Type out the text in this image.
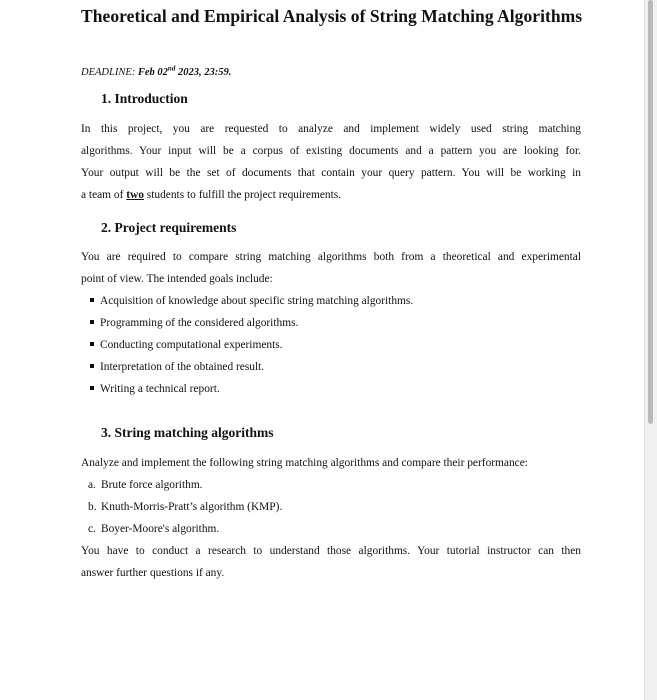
Theoretical and Empirical Analysis of String Matching Algorithms
DEADLINE: Feb 02nd 2023, 23:59.
1. Introduction
In this project, you are requested to analyze and implement widely used string matching
algorithms. Your input will be a corpus of existing documents and a pattern you are looking for.
Your output will be the set of documents that contain your query pattern. You will be working in
a team of two students to fulfill the project requirements.
2. Project requirements
You are required to compare string matching algorithms both from a theoretical and experimental
point of view. The intended goals include:
Acquisition of knowledge about specific string matching algorithms.
Programming of the considered algorithms.
Conducting computational experiments.
Interpretation of the obtained result.
Writing a technical report.
3. String matching algorithms
Analyze and implement the following string matching algorithms and compare their performance:
a. Brute force algorithm.
b. Knuth-Morris-Pratt’s algorithm (KMP).
c. Boyer-Moore's algorithm.
You have to conduct a research to understand those algorithms. Your tutorial instructor can then
answer further questions if any.
